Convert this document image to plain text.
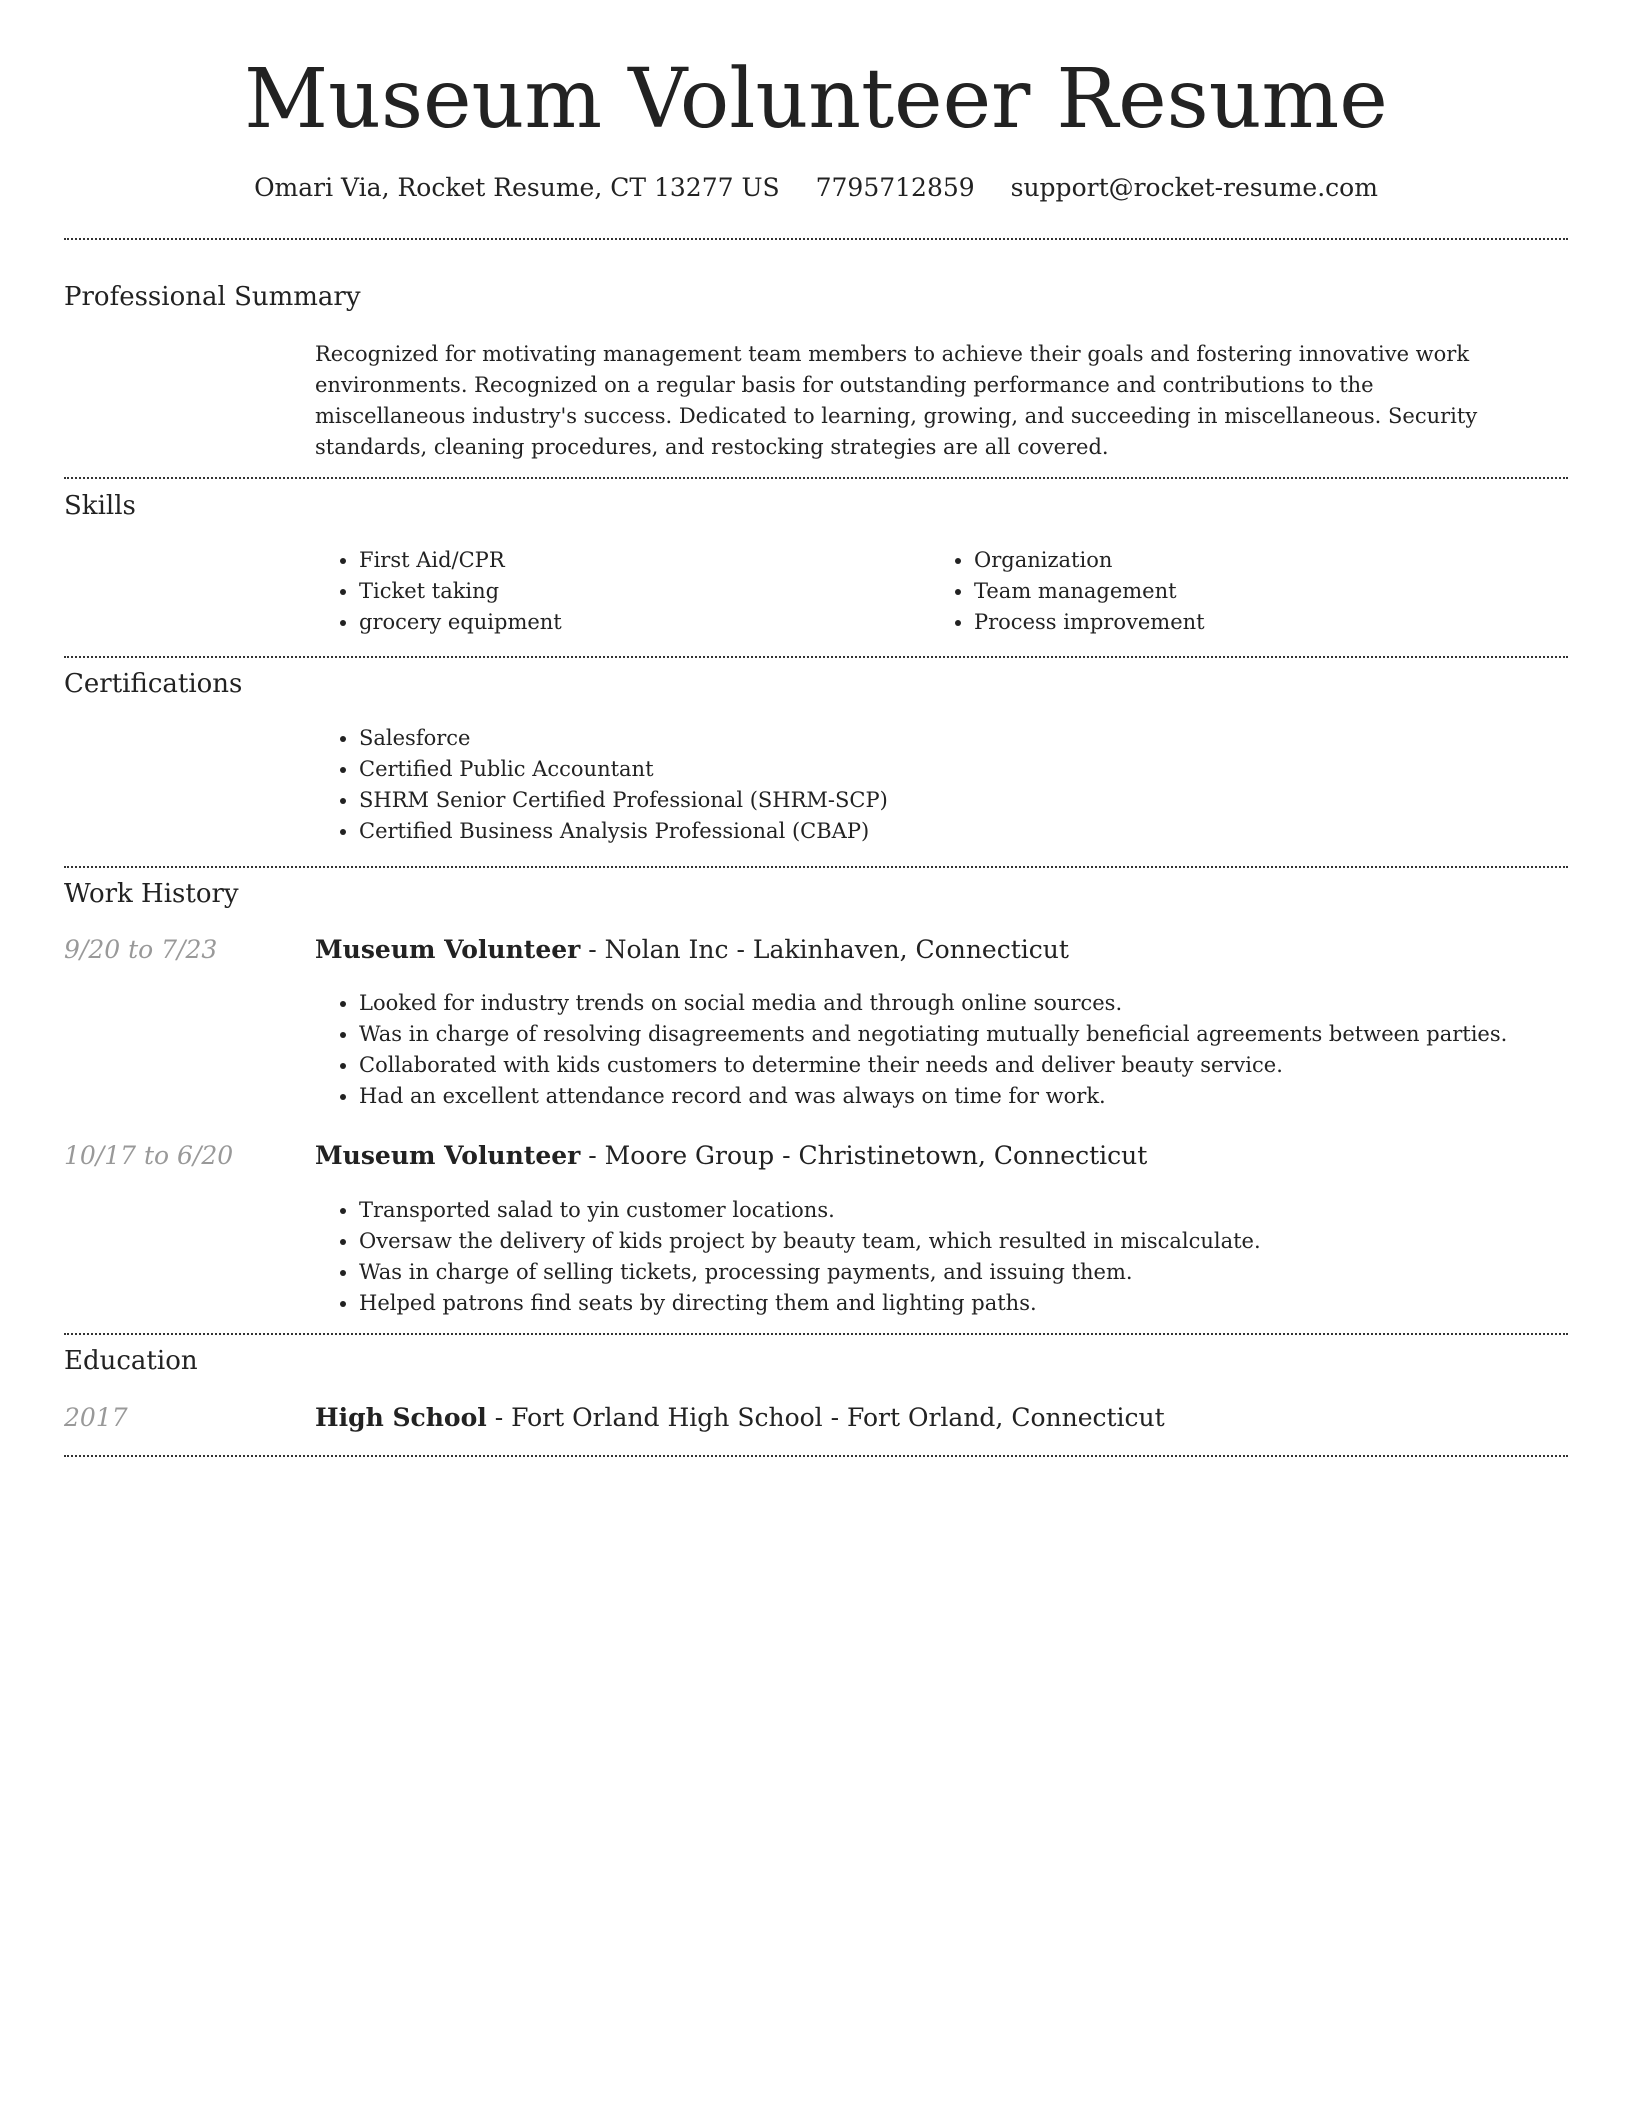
Museum Volunteer Resume
Omari Via, Rocket Resume, CT 13277 US 7795712859 support@rocket-resume.com
Professional Summary

Recognized for motivating management team members to achieve their goals and fostering innovative work environments. Recognized on a regular basis for outstanding performance and contributions to the miscellaneous industry's success. Dedicated to learning, growing, and succeeding in miscellaneous. Security standards, cleaning procedures, and restocking strategies are all covered.

Skills
• First Aid/CPR
• Ticket taking
• grocery equipment
• Organization
• Team management
• Process improvement
Certifications
• Salesforce
• Certified Public Accountant
• SHRM Senior Certified Professional (SHRM-SCP)
• Certified Business Analysis Professional (CBAP)
Work History
9/20 to 7/23	Museum Volunteer - Nolan Inc - Lakinhaven, Connecticut
• Looked for industry trends on social media and through online sources.
• Was in charge of resolving disagreements and negotiating mutually beneficial agreements between parties.
• Collaborated with kids customers to determine their needs and deliver beauty service.
• Had an excellent attendance record and was always on time for work.
10/17 to 6/20	Museum Volunteer - Moore Group - Christinetown, Connecticut
• Transported salad to yin customer locations.
• Oversaw the delivery of kids project by beauty team, which resulted in miscalculate.
• Was in charge of selling tickets, processing payments, and issuing them.
• Helped patrons find seats by directing them and lighting paths.
Education
2017	High School - Fort Orland High School - Fort Orland, Connecticut
